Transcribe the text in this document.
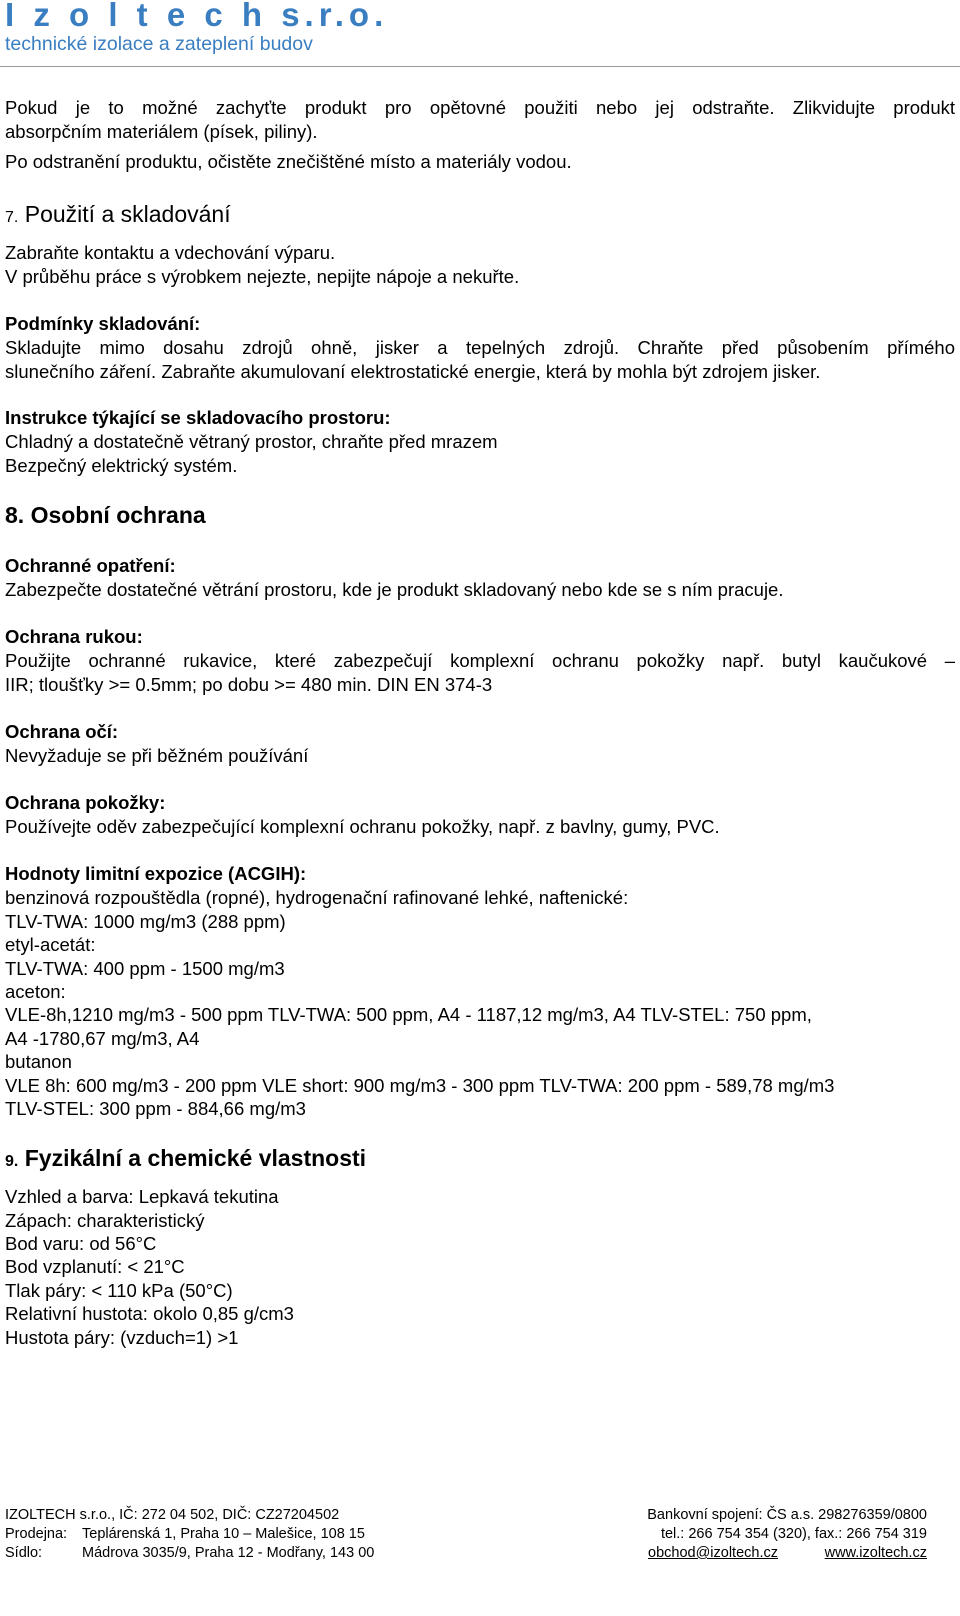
I z o l t e c h s.r.o.
technické izolace a zateplení budov
Pokud je to možné zachyťte produkt pro opětovné použiti nebo jej odstraňte. Zlikvidujte produkt
absorpčním materiálem (písek, piliny).
Po odstranění produktu, očistěte znečištěné místo a materiály vodou.
7. Použití a skladování
Zabraňte kontaktu a vdechování výparu.
V průběhu práce s výrobkem nejezte, nepijte nápoje a nekuřte.
Podmínky skladování:
Skladujte mimo dosahu zdrojů ohně, jisker a tepelných zdrojů. Chraňte před působením přímého
slunečního záření. Zabraňte akumulovaní elektrostatické energie, která by mohla být zdrojem jisker.
Instrukce týkající se skladovacího prostoru:
Chladný a dostatečně větraný prostor, chraňte před mrazem
Bezpečný elektrický systém.
8. Osobní ochrana
Ochranné opatření:
Zabezpečte dostatečné větrání prostoru, kde je produkt skladovaný nebo kde se s ním pracuje.
Ochrana rukou:
Použijte ochranné rukavice, které zabezpečují komplexní ochranu pokožky např. butyl kaučukové –
IIR; tloušťky >= 0.5mm; po dobu >= 480 min. DIN EN 374-3
Ochrana očí:
Nevyžaduje se při běžném používání
Ochrana pokožky:
Používejte oděv zabezpečující komplexní ochranu pokožky, např. z bavlny, gumy, PVC.
Hodnoty limitní expozice (ACGIH):
benzinová rozpouštědla (ropné), hydrogenační rafinované lehké, naftenické:
TLV-TWA: 1000 mg/m3 (288 ppm)
etyl-acetát:
TLV-TWA: 400 ppm - 1500 mg/m3
aceton:
VLE-8h,1210 mg/m3 - 500 ppm TLV-TWA: 500 ppm, A4 - 1187,12 mg/m3, A4 TLV-STEL: 750 ppm,
A4 -1780,67 mg/m3, A4
butanon
VLE 8h: 600 mg/m3 - 200 ppm VLE short: 900 mg/m3 - 300 ppm TLV-TWA: 200 ppm - 589,78 mg/m3
TLV-STEL: 300 ppm - 884,66 mg/m3
9. Fyzikální a chemické vlastnosti
Vzhled a barva: Lepkavá tekutina
Zápach: charakteristický
Bod varu: od 56°C
Bod vzplanutí: < 21°C
Tlak páry: < 110 kPa (50°C)
Relativní hustota: okolo 0,85 g/cm3
Hustota páry: (vzduch=1) >1
IZOLTECH s.r.o., IČ: 272 04 502, DIČ: CZ27204502	Bankovní spojení: ČS a.s. 298276359/0800
Prodejna: Teplárenská 1, Praha 10 – Malešice, 108 15	tel.: 266 754 354 (320), fax.: 266 754 319
Sídlo:	Mádrova 3035/9, Praha 12 - Modřany, 143 00	obchod@izoltech.cz	www.izoltech.cz
